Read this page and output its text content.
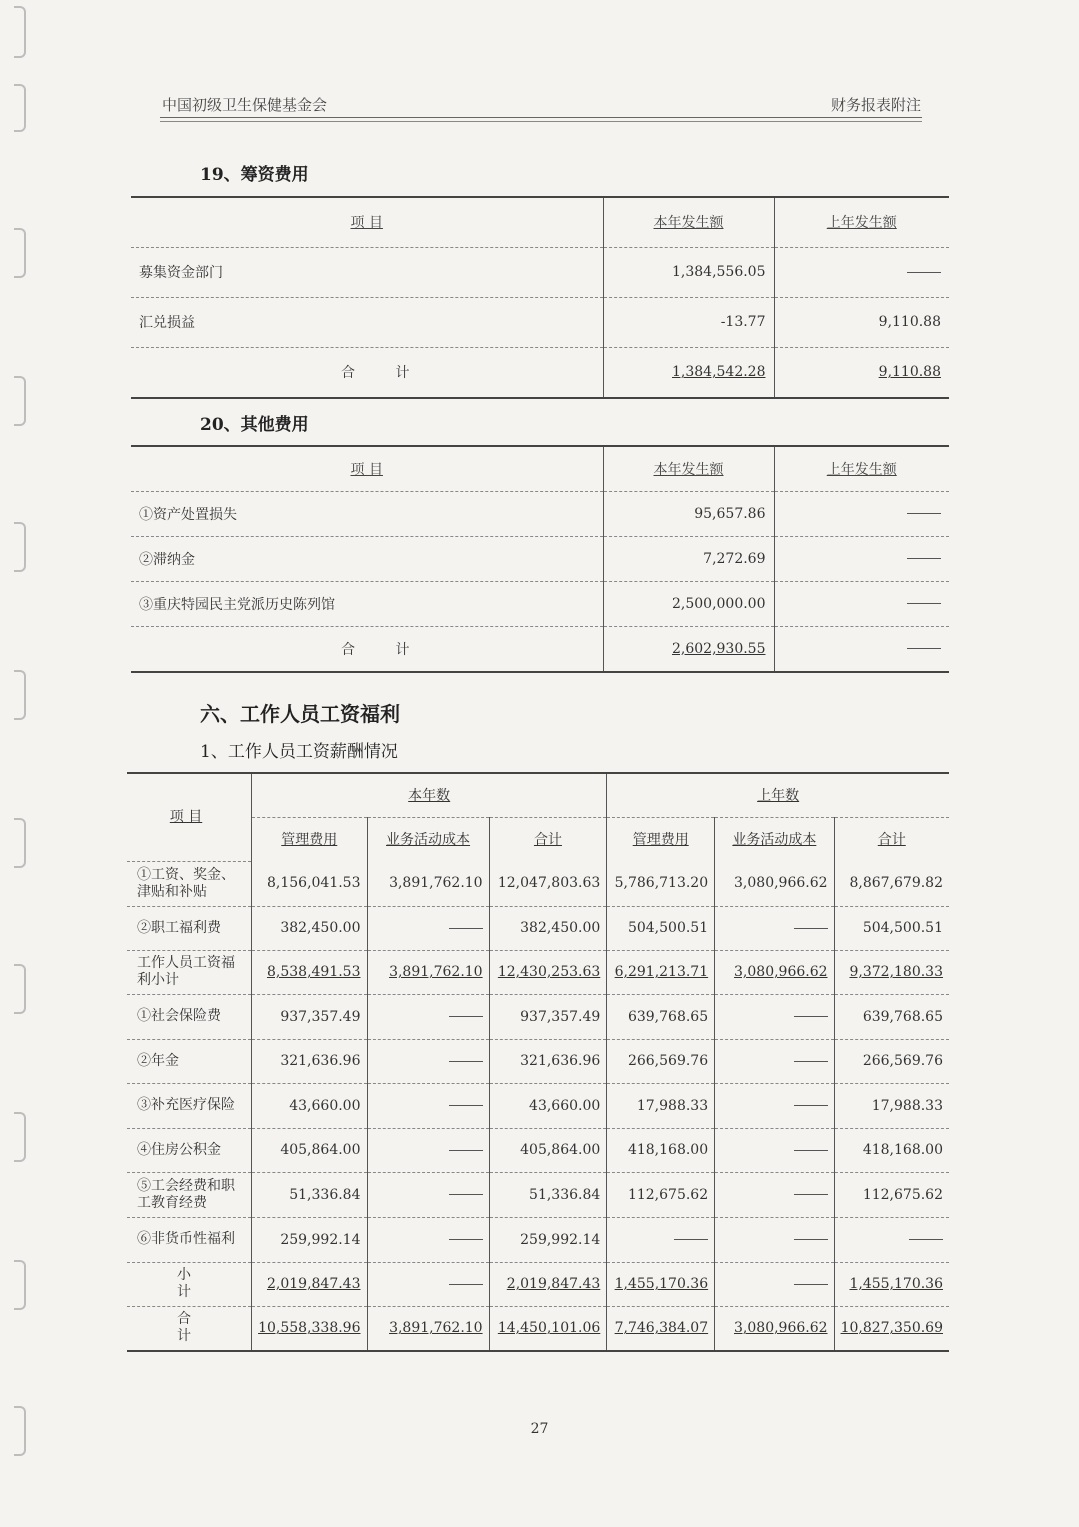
中国初级卫生保健基金会	财务报表附注
19、筹资费用
项 目	本年发生额	上年发生额
募集资金部门	1,384,556.05	
汇兑损益	-13.77	9,110.88
合 计	1,384,542.28	9,110.88
20、其他费用
项 目	本年发生额	上年发生额
①资产处置损失	95,657.86	
②滞纳金	7,272.69	
③重庆特园民主党派历史陈列馆	2,500,000.00	
合 计	2,602,930.55	
六、工作人员工资福利
1、工作人员工资薪酬情况
项 目	本年数			上年数		
	管理费用	业务活动成本	合计	管理费用	业务活动成本	合计
①工资、奖金、津贴和补贴	8,156,041.53	3,891,762.10	12,047,803.63	5,786,713.20	3,080,966.62	8,867,679.82
②职工福利费	382,450.00		382,450.00	504,500.51		504,500.51
工作人员工资福利小计	8,538,491.53	3,891,762.10	12,430,253.63	6,291,213.71	3,080,966.62	9,372,180.33
①社会保险费	937,357.49		937,357.49	639,768.65		639,768.65
②年金	321,636.96		321,636.96	266,569.76		266,569.76
③补充医疗保险	43,660.00		43,660.00	17,988.33		17,988.33
④住房公积金	405,864.00		405,864.00	418,168.00		418,168.00
⑤工会经费和职工教育经费	51,336.84		51,336.84	112,675.62		112,675.62
⑥非货币性福利	259,992.14		259,992.14			
小 计	2,019,847.43		2,019,847.43	1,455,170.36		1,455,170.36
合 计	10,558,338.96	3,891,762.10	14,450,101.06	7,746,384.07	3,080,966.62	10,827,350.69
27
